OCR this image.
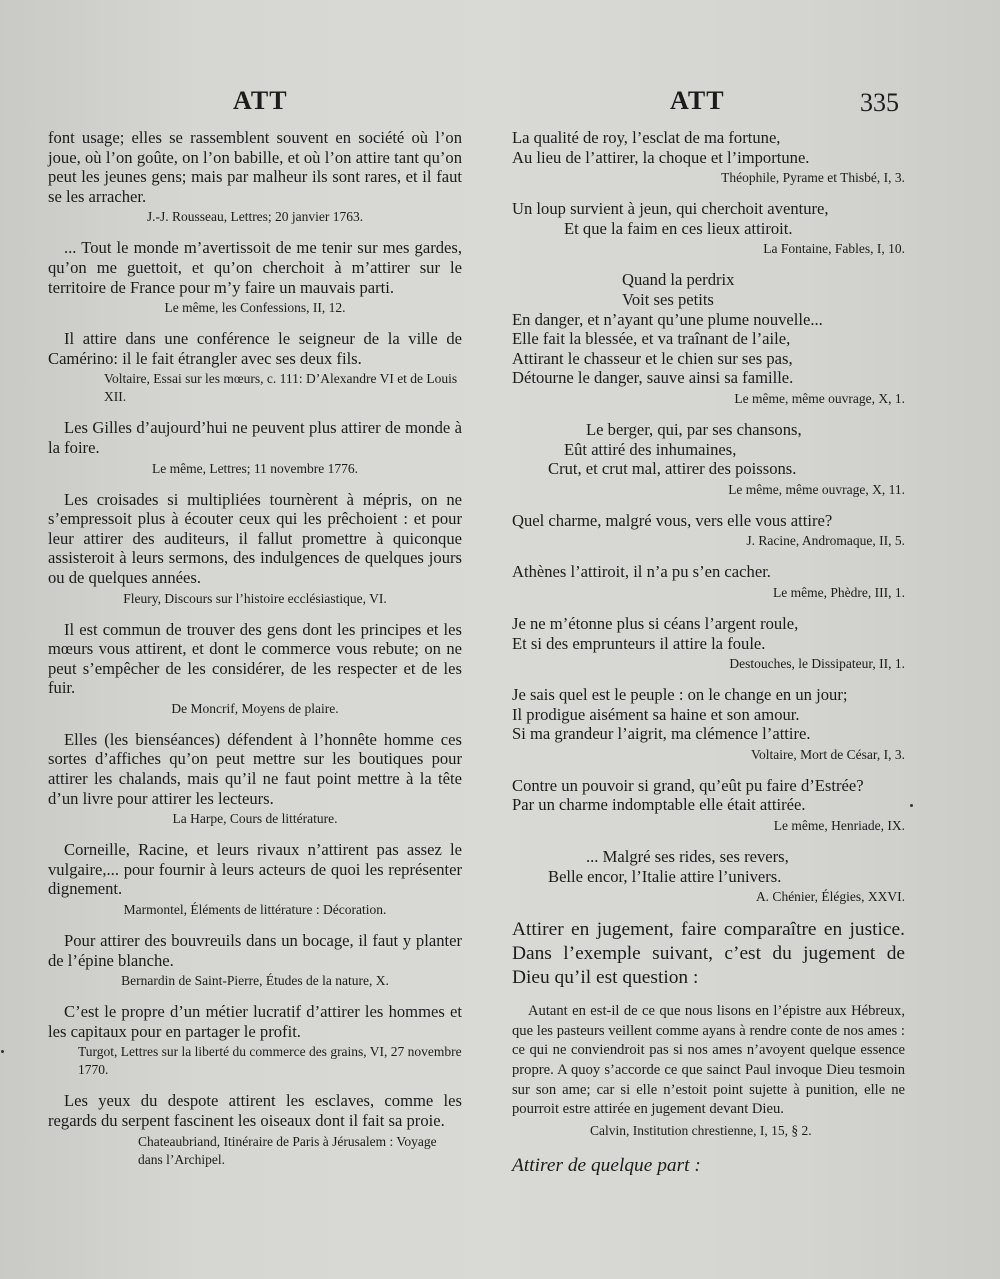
ATT	ATT	335

font usage; elles se rassemblent souvent en société où l’on joue, où l’on goûte, on l’on babille, et où l’on attire tant qu’on peut les jeunes gens; mais par malheur ils sont rares, et il faut se les arracher.

J.-J. Rousseau, Lettres; 20 janvier 1763.

... Tout le monde m’avertissoit de me tenir sur mes gardes, qu’on me guettoit, et qu’on cherchoit à m’attirer sur le territoire de France pour m’y faire un mauvais parti.

Le même, les Confessions, II, 12.

Il attire dans une conférence le seigneur de la ville de Camérino: il le fait étrangler avec ses deux fils.

Voltaire, Essai sur les mœurs, c. 111: D’Alexandre VI et de Louis XII.

Les Gilles d’aujourd’hui ne peuvent plus attirer de monde à la foire.

Le même, Lettres; 11 novembre 1776.

Les croisades si multipliées tournèrent à mépris, on ne s’empressoit plus à écouter ceux qui les prêchoient : et pour leur attirer des auditeurs, il fallut promettre à quiconque assisteroit à leurs sermons, des indulgences de quelques jours ou de quelques années.

Fleury, Discours sur l’histoire ecclésiastique, VI.

Il est commun de trouver des gens dont les principes et les mœurs vous attirent, et dont le commerce vous rebute; on ne peut s’empêcher de les considérer, de les respecter et de les fuir.

De Moncrif, Moyens de plaire.

Elles (les bienséances) défendent à l’honnête homme ces sortes d’affiches qu’on peut mettre sur les boutiques pour attirer les chalands, mais qu’il ne faut point mettre à la tête d’un livre pour attirer les lecteurs.

La Harpe, Cours de littérature.

Corneille, Racine, et leurs rivaux n’attirent pas assez le vulgaire,... pour fournir à leurs acteurs de quoi les représenter dignement.

Marmontel, Éléments de littérature : Décoration.

Pour attirer des bouvreuils dans un bocage, il faut y planter de l’épine blanche.

Bernardin de Saint-Pierre, Études de la nature, X.

C’est le propre d’un métier lucratif d’attirer les hommes et les capitaux pour en partager le profit.

Turgot, Lettres sur la liberté du commerce des grains, VI, 27 novembre 1770.

Les yeux du despote attirent les esclaves, comme les regards du serpent fascinent les oiseaux dont il fait sa proie.

Chateaubriand, Itinéraire de Paris à Jérusalem : Voyage dans l’Archipel.

La qualité de roy, l’esclat de ma fortune,
Au lieu de l’attirer, la choque et l’importune.

Théophile, Pyrame et Thisbé, I, 3.

Un loup survient à jeun, qui cherchoit aventure,
Et que la faim en ces lieux attiroit.

La Fontaine, Fables, I, 10.

Quand la perdrix
Voit ses petits
En danger, et n’ayant qu’une plume nouvelle...
Elle fait la blessée, et va traînant de l’aile,
Attirant le chasseur et le chien sur ses pas,
Détourne le danger, sauve ainsi sa famille.

Le même, même ouvrage, X, 1.

Le berger, qui, par ses chansons,
Eût attiré des inhumaines,
Crut, et crut mal, attirer des poissons.

Le même, même ouvrage, X, 11.

Quel charme, malgré vous, vers elle vous attire?

J. Racine, Andromaque, II, 5.

Athènes l’attiroit, il n’a pu s’en cacher.

Le même, Phèdre, III, 1.

Je ne m’étonne plus si céans l’argent roule,
Et si des emprunteurs il attire la foule.

Destouches, le Dissipateur, II, 1.

Je sais quel est le peuple : on le change en un jour;
Il prodigue aisément sa haine et son amour.
Si ma grandeur l’aigrit, ma clémence l’attire.

Voltaire, Mort de César, I, 3.

Contre un pouvoir si grand, qu’eût pu faire d’Estrée?
Par un charme indomptable elle était attirée.

Le même, Henriade, IX.

... Malgré ses rides, ses revers,
Belle encor, l’Italie attire l’univers.

A. Chénier, Élégies, XXVI.

Attirer en jugement, faire comparaître en justice. Dans l’exemple suivant, c’est du jugement de Dieu qu’il est question :

Autant en est-il de ce que nous lisons en l’épistre aux Hébreux, que les pasteurs veillent comme ayans à rendre conte de nos ames : ce qui ne conviendroit pas si nos ames n’avoyent quelque essence propre. A quoy s’accorde ce que sainct Paul invoque Dieu tesmoin sur son ame; car si elle n’estoit point sujette à punition, elle ne pourroit estre attirée en jugement devant Dieu.

Calvin, Institution chrestienne, I, 15, § 2.

Attirer de quelque part :
